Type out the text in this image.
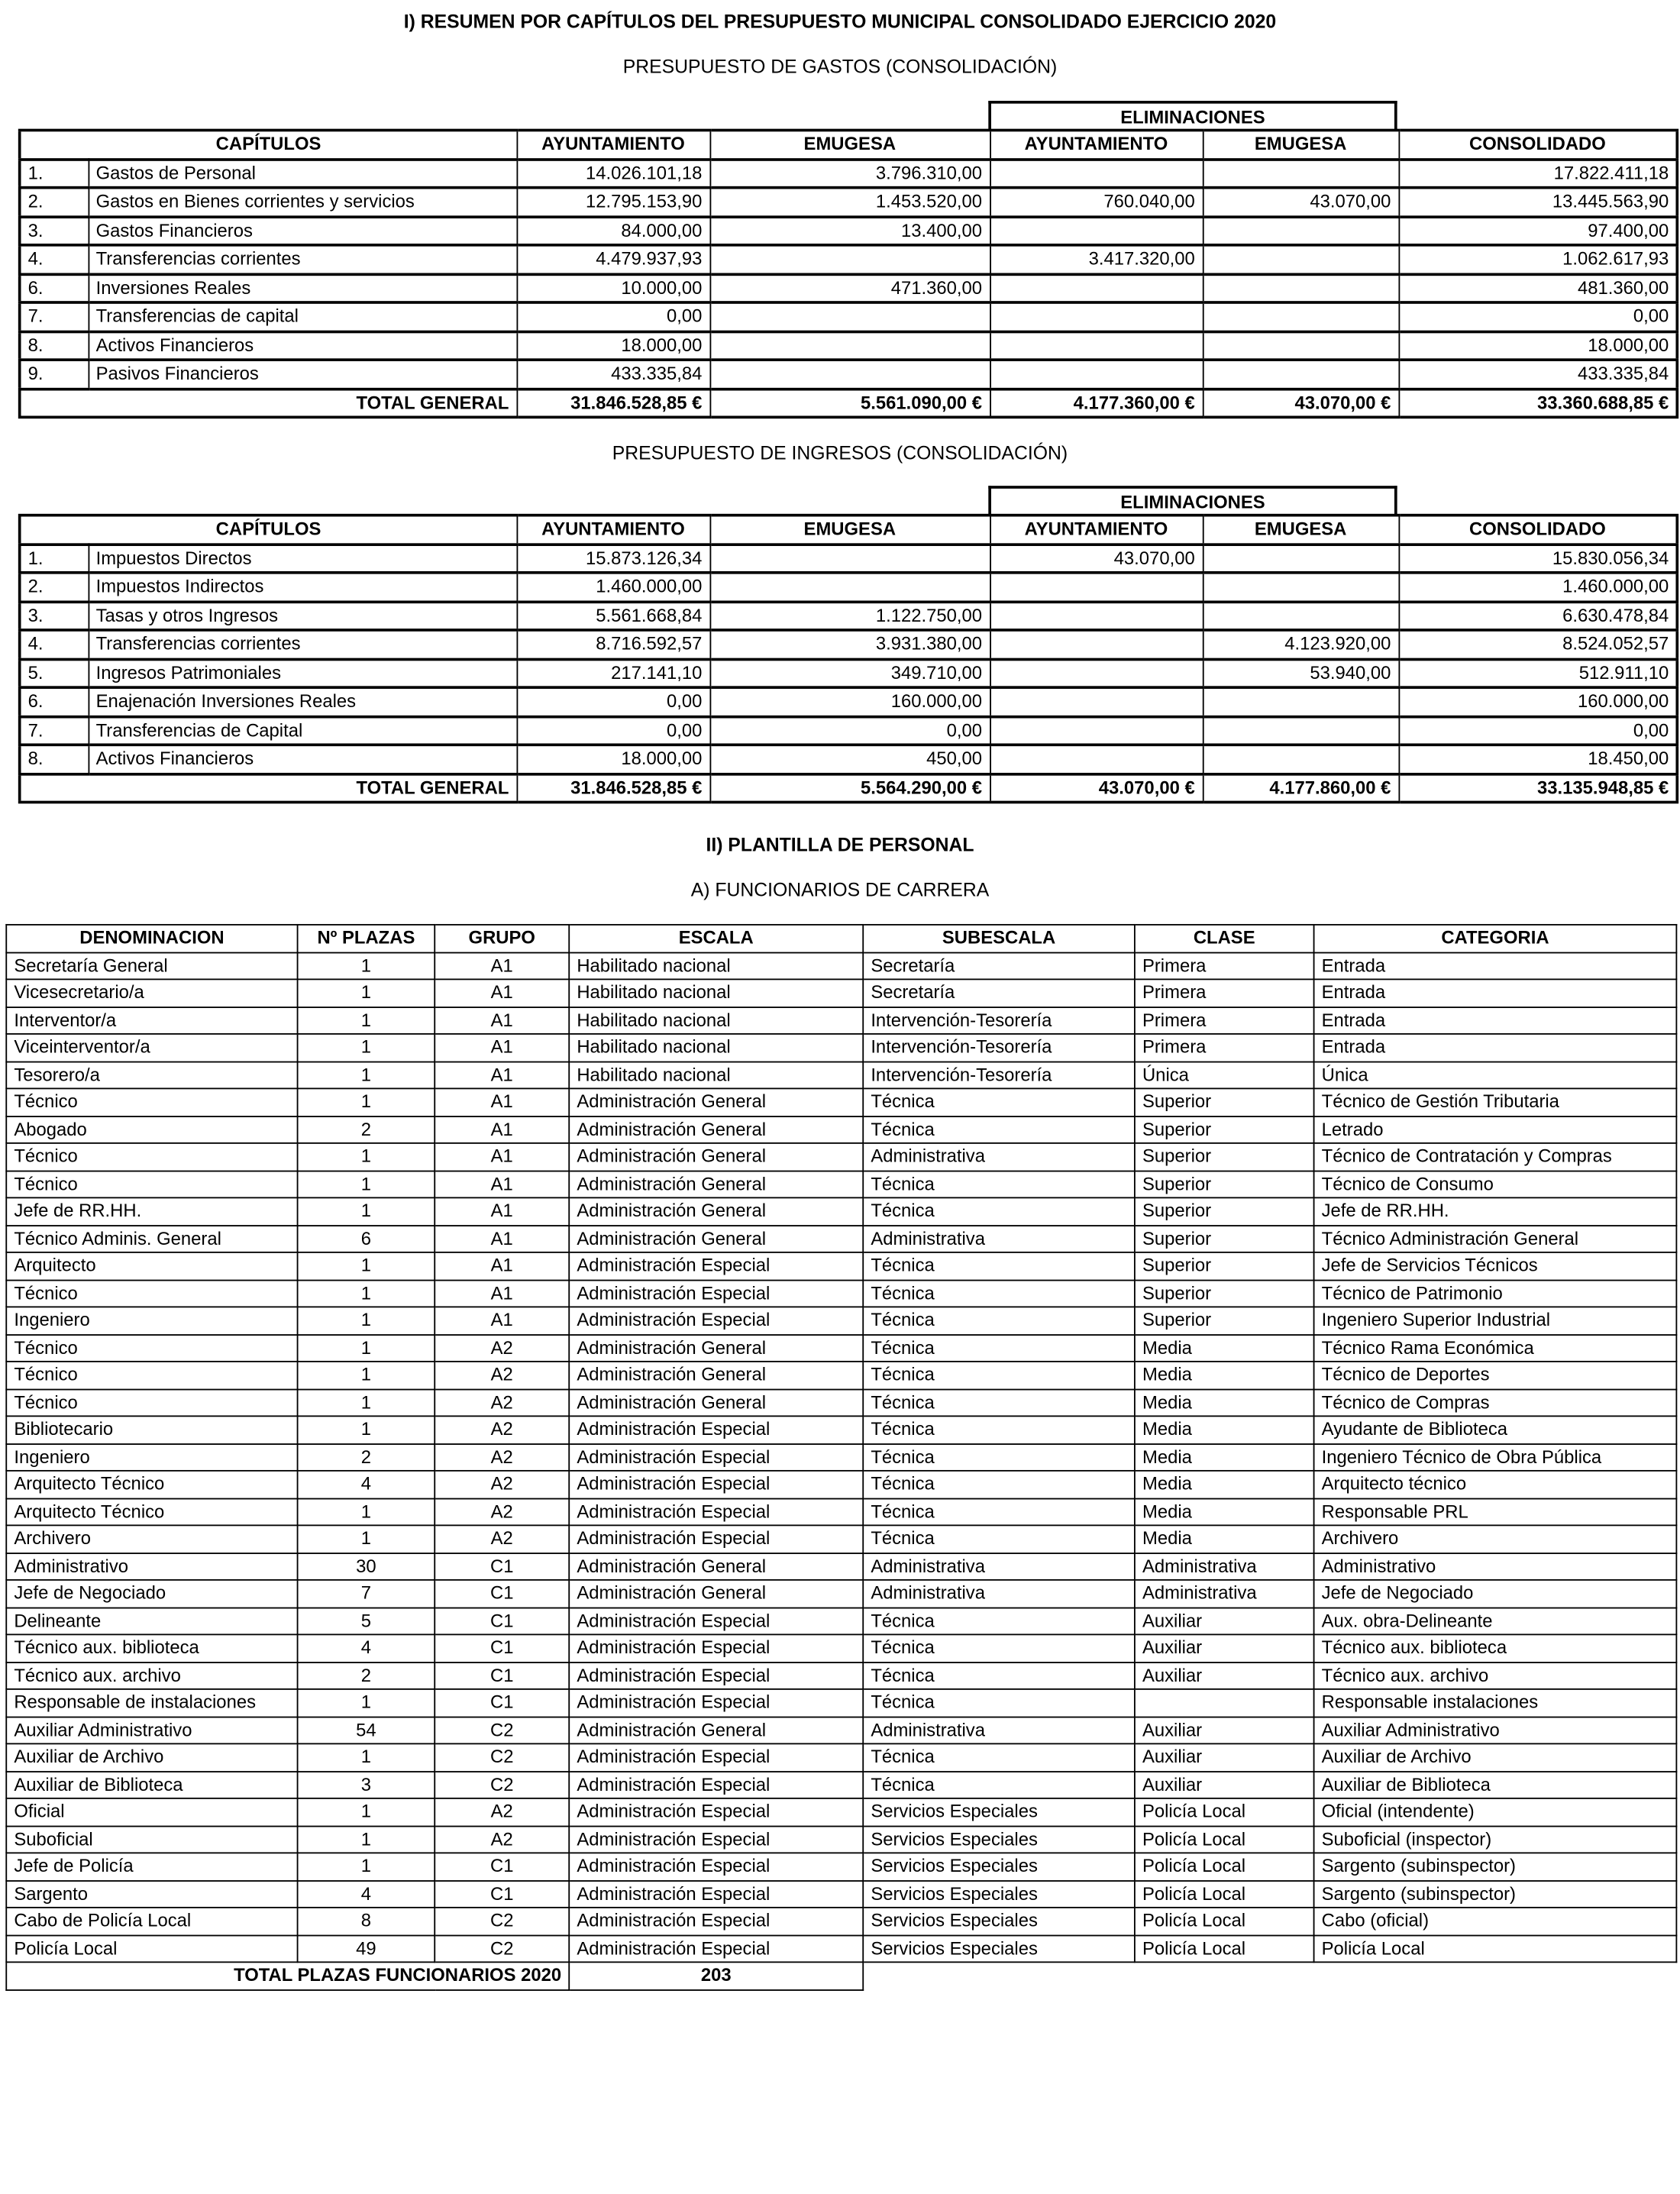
I) RESUMEN POR CAPÍTULOS DEL PRESUPUESTO MUNICIPAL CONSOLIDADO EJERCICIO 2020
PRESUPUESTO DE GASTOS (CONSOLIDACIÓN)
ELIMINACIONES
CAPÍTULOS		AYUNTAMIENTO	EMUGESA	AYUNTAMIENTO	EMUGESA	CONSOLIDADO
1.	Gastos de Personal	14.026.101,18	3.796.310,00			17.822.411,18
2.	Gastos en Bienes corrientes y servicios	12.795.153,90	1.453.520,00	760.040,00	43.070,00	13.445.563,90
3.	Gastos Financieros	84.000,00	13.400,00			97.400,00
4.	Transferencias corrientes	4.479.937,93		3.417.320,00		1.062.617,93
6.	Inversiones Reales	10.000,00	471.360,00			481.360,00
7.	Transferencias de capital	0,00				0,00
8.	Activos Financieros	18.000,00				18.000,00
9.	Pasivos Financieros	433.335,84				433.335,84
TOTAL GENERAL		31.846.528,85 €	5.561.090,00 €	4.177.360,00 €	43.070,00 €	33.360.688,85 €
PRESUPUESTO DE INGRESOS (CONSOLIDACIÓN)
ELIMINACIONES
CAPÍTULOS		AYUNTAMIENTO	EMUGESA	AYUNTAMIENTO	EMUGESA	CONSOLIDADO
1.	Impuestos Directos	15.873.126,34		43.070,00		15.830.056,34
2.	Impuestos Indirectos	1.460.000,00				1.460.000,00
3.	Tasas y otros Ingresos	5.561.668,84	1.122.750,00			6.630.478,84
4.	Transferencias corrientes	8.716.592,57	3.931.380,00		4.123.920,00	8.524.052,57
5.	Ingresos Patrimoniales	217.141,10	349.710,00		53.940,00	512.911,10
6.	Enajenación Inversiones Reales	0,00	160.000,00			160.000,00
7.	Transferencias de Capital	0,00	0,00			0,00
8.	Activos Financieros	18.000,00	450,00			18.450,00
TOTAL GENERAL		31.846.528,85 €	5.564.290,00 €	43.070,00 €	4.177.860,00 €	33.135.948,85 €
II) PLANTILLA DE PERSONAL
A) FUNCIONARIOS DE CARRERA
DENOMINACION	Nº PLAZAS	GRUPO	ESCALA	SUBESCALA	CLASE	CATEGORIA
Secretaría General	1	A1	Habilitado nacional	Secretaría	Primera	Entrada
Vicesecretario/a	1	A1	Habilitado nacional	Secretaría	Primera	Entrada
Interventor/a	1	A1	Habilitado nacional	Intervención-Tesorería	Primera	Entrada
Viceinterventor/a	1	A1	Habilitado nacional	Intervención-Tesorería	Primera	Entrada
Tesorero/a	1	A1	Habilitado nacional	Intervención-Tesorería	Única	Única
Técnico	1	A1	Administración General	Técnica	Superior	Técnico de Gestión Tributaria
Abogado	2	A1	Administración General	Técnica	Superior	Letrado
Técnico	1	A1	Administración General	Administrativa	Superior	Técnico de Contratación y Compras
Técnico	1	A1	Administración General	Técnica	Superior	Técnico de Consumo
Jefe de RR.HH.	1	A1	Administración General	Técnica	Superior	Jefe de RR.HH.
Técnico Adminis. General	6	A1	Administración General	Administrativa	Superior	Técnico Administración General
Arquitecto	1	A1	Administración Especial	Técnica	Superior	Jefe de Servicios Técnicos
Técnico	1	A1	Administración Especial	Técnica	Superior	Técnico de Patrimonio
Ingeniero	1	A1	Administración Especial	Técnica	Superior	Ingeniero Superior Industrial
Técnico	1	A2	Administración General	Técnica	Media	Técnico Rama Económica
Técnico	1	A2	Administración General	Técnica	Media	Técnico de Deportes
Técnico	1	A2	Administración General	Técnica	Media	Técnico de Compras
Bibliotecario	1	A2	Administración Especial	Técnica	Media	Ayudante de Biblioteca
Ingeniero	2	A2	Administración Especial	Técnica	Media	Ingeniero Técnico de Obra Pública
Arquitecto Técnico	4	A2	Administración Especial	Técnica	Media	Arquitecto técnico
Arquitecto Técnico	1	A2	Administración Especial	Técnica	Media	Responsable PRL
Archivero	1	A2	Administración Especial	Técnica	Media	Archivero
Administrativo	30	C1	Administración General	Administrativa	Administrativa	Administrativo
Jefe de Negociado	7	C1	Administración General	Administrativa	Administrativa	Jefe de Negociado
Delineante	5	C1	Administración Especial	Técnica	Auxiliar	Aux. obra-Delineante
Técnico aux. biblioteca	4	C1	Administración Especial	Técnica	Auxiliar	Técnico aux. biblioteca
Técnico aux. archivo	2	C1	Administración Especial	Técnica	Auxiliar	Técnico aux. archivo
Responsable de instalaciones	1	C1	Administración Especial	Técnica		Responsable instalaciones
Auxiliar Administrativo	54	C2	Administración General	Administrativa	Auxiliar	Auxiliar Administrativo
Auxiliar de Archivo	1	C2	Administración Especial	Técnica	Auxiliar	Auxiliar de Archivo
Auxiliar de Biblioteca	3	C2	Administración Especial	Técnica	Auxiliar	Auxiliar de Biblioteca
Oficial	1	A2	Administración Especial	Servicios Especiales	Policía Local	Oficial (intendente)
Suboficial	1	A2	Administración Especial	Servicios Especiales	Policía Local	Suboficial (inspector)
Jefe de Policía	1	C1	Administración Especial	Servicios Especiales	Policía Local	Sargento (subinspector)
Sargento	4	C1	Administración Especial	Servicios Especiales	Policía Local	Sargento (subinspector)
Cabo de Policía Local	8	C2	Administración Especial	Servicios Especiales	Policía Local	Cabo (oficial)
Policía Local	49	C2	Administración Especial	Servicios Especiales	Policía Local	Policía Local
TOTAL PLAZAS FUNCIONARIOS 2020			203			
